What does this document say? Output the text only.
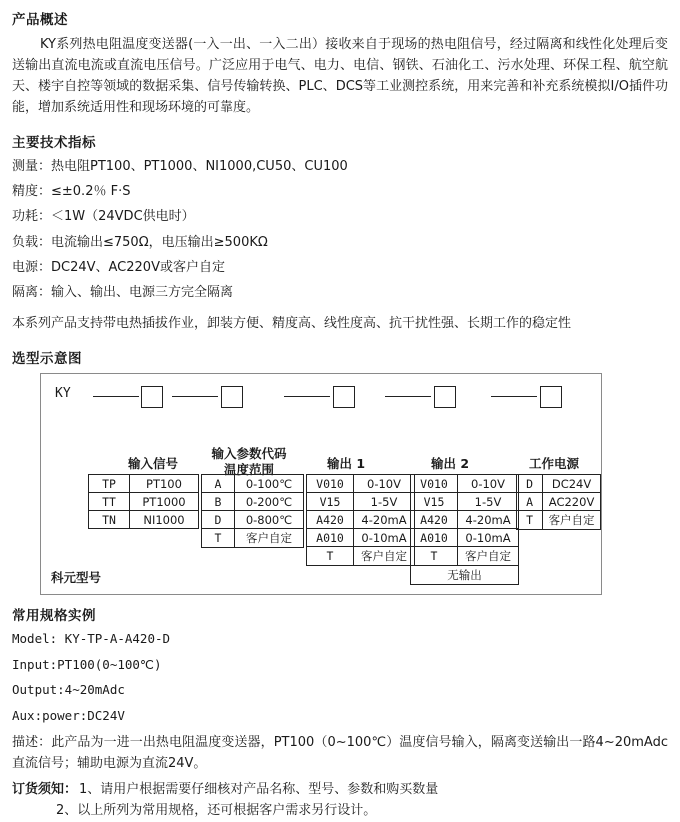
产品概述

KY系列热电阻温度变送器(一入一出、一入二出）接收来自于现场的热电阻信号，经过隔离和线性化处理后变送输出直流电流或直流电压信号。广泛应用于电气、电力、电信、钢铁、石油化工、污水处理、环保工程、航空航天、楼宇自控等领域的数据采集、信号传输转换、PLC、DCS等工业测控系统，用来完善和补充系统模拟I/O插件功能，增加系统适用性和现场环境的可靠度。

主要技术指标
测量：热电阻PT100、PT1000、NI1000,CU50、CU100
精度：≤±0.2％ F·S
功耗：＜1W（24VDC供电时）
负载：电流输出≤750Ω，电压输出≥500KΩ
电源：DC24V、AC220V或客户自定
隔离：输入、输出、电源三方完全隔离

本系列产品支持带电热插拔作业，卸装方便、精度高、线性度高、抗干扰性强、长期工作的稳定性

选型示意图
KY
输入信号
输入参数代码
温度范围	输出 1	输出 2	工作电源
TP	PT100
TT	PT1000
TN	NI1000
A	0-100℃
B	0-200℃
D	0-800℃
T	客户自定
V010	0-10V
V15	1-5V
A420	4-20mA
A010	0-10mA
T	客户自定
V010	0-10V
V15	1-5V
A420	4-20mA
A010	0-10mA
T	客户自定
无输出	
D	DC24V
A	AC220V
T	客户自定
科元型号
常用规格实例
Model: KY-TP-A-A420-D
Input:PT100(0~100℃)
Output:4~20mAdc
Aux:power:DC24V

描述：此产品为一进一出热电阻温度变送器，PT100（0~100℃）温度信号输入，隔离变送输出一路4~20mAdc直流信号；辅助电源为直流24V。

订货须知： 1、 请用户根据需要仔细核对产品名称、型号、参数和购买数量
2、 以上所列为常用规格，还可根据客户需求另行设计。
